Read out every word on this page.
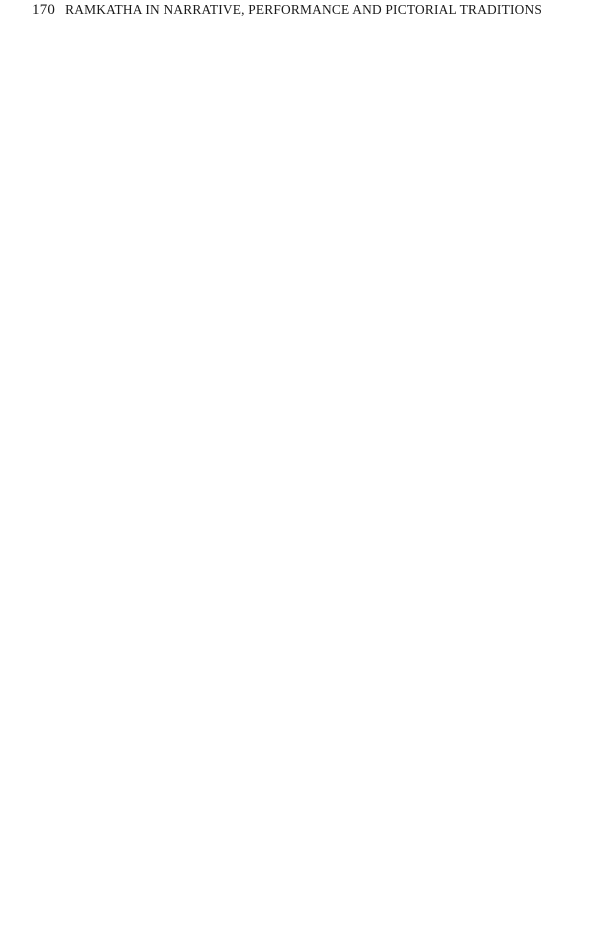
170 RAMKATHA IN NARRATIVE, PERFORMANCE AND PICTORIAL TRADITIONS
